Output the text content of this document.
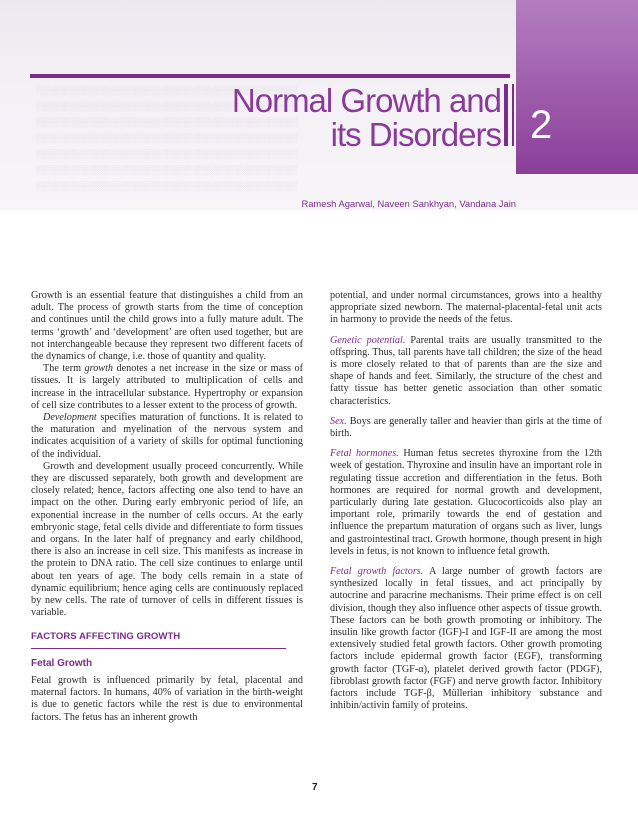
░░░░░░░░░░░░░░░░░░░░░░░░░░░░░░░░░░░░░░░░░
░░░░░░░░░░░░░░░░░░░░░░░░░░░░░░░░░░░░░░░░░
░░░░░░░░░░░░░░░░░░░░░░░░░░░░░░░░░░░░░░░░░
░░░░░░░░░░░░░░░░░░░░░░░░░░░░░░░░░░░░░░░░░
░░░░░░░░░░░░░░░░░░░░░░░░░░░░░░░░░░░░░░░░░
░░░░░░░░░░░░░░░░░░░░░░░░░░░░░░░░░░░░░░░░░
░░░░░░░░░░░░░░░░░░░░░░░░░░░░░░░░░░░░░░░░░
2
Normal Growth and
its Disorders
Ramesh Agarwal, Naveen Sankhyan, Vandana Jain

Growth is an essential feature that distinguishes a child from an adult. The process of growth starts from the time of conception and continues until the child grows into a fully mature adult. The terms ‘growth’ and ‘development’ are often used together, but are not interchangeable because they represent two different facets of the dynamics of change, i.e. those of quantity and quality.

The term growth denotes a net increase in the size or mass of tissues. It is largely attributed to multiplication of cells and increase in the intracellular substance. Hypertrophy or expansion of cell size contributes to a lesser extent to the process of growth.

Development specifies maturation of functions. It is related to the maturation and myelination of the nervous system and indicates acquisition of a variety of skills for optimal functioning of the individual.

Growth and development usually proceed concurrently. While they are discussed separately, both growth and development are closely related; hence, factors affecting one also tend to have an impact on the other. During early embryonic period of life, an exponential increase in the number of cells occurs. At the early embryonic stage, fetal cells divide and differentiate to form tissues and organs. In the later half of pregnancy and early childhood, there is also an increase in cell size. This manifests as increase in the protein to DNA ratio. The cell size continues to enlarge until about ten years of age. The body cells remain in a state of dynamic equilibrium; hence aging cells are continuously replaced by new cells. The rate of turnover of cells in different tissues is variable.

FACTORS AFFECTING GROWTH
Fetal Growth

Fetal growth is influenced primarily by fetal, placental and maternal factors. In humans, 40% of variation in the birth-weight is due to genetic factors while the rest is due to environmental factors. The fetus has an inherent growth

potential, and under normal circumstances, grows into a healthy appropriate sized newborn. The maternal-placental-fetal unit acts in harmony to provide the needs of the fetus.

Genetic potential. Parental traits are usually transmitted to the offspring. Thus, tall parents have tall children; the size of the head is more closely related to that of parents than are the size and shape of hands and feet. Similarly, the structure of the chest and fatty tissue has better genetic association than other somatic characteristics.

Sex. Boys are generally taller and heavier than girls at the time of birth.

Fetal hormones. Human fetus secretes thyroxine from the 12th week of gestation. Thyroxine and insulin have an important role in regulating tissue accretion and differentiation in the fetus. Both hormones are required for normal growth and development, particularly during late gestation. Glucocorticoids also play an important role, primarily towards the end of gestation and influence the prepartum maturation of organs such as liver, lungs and gastrointestinal tract. Growth hormone, though present in high levels in fetus, is not known to influence fetal growth.

Fetal growth factors. A large number of growth factors are synthesized locally in fetal tissues, and act principally by autocrine and paracrine mechanisms. Their prime effect is on cell division, though they also influence other aspects of tissue growth. These factors can be both growth promoting or inhibitory. The insulin like growth factor (IGF)-I and IGF-II are among the most extensively studied fetal growth factors. Other growth promoting factors include epidermal growth factor (EGF), transforming growth factor (TGF-α), platelet derived growth factor (PDGF), fibroblast growth factor (FGF) and nerve growth factor. Inhibitory factors include TGF-β, Müllerian inhibitory substance and inhibin/activin family of proteins.

7
